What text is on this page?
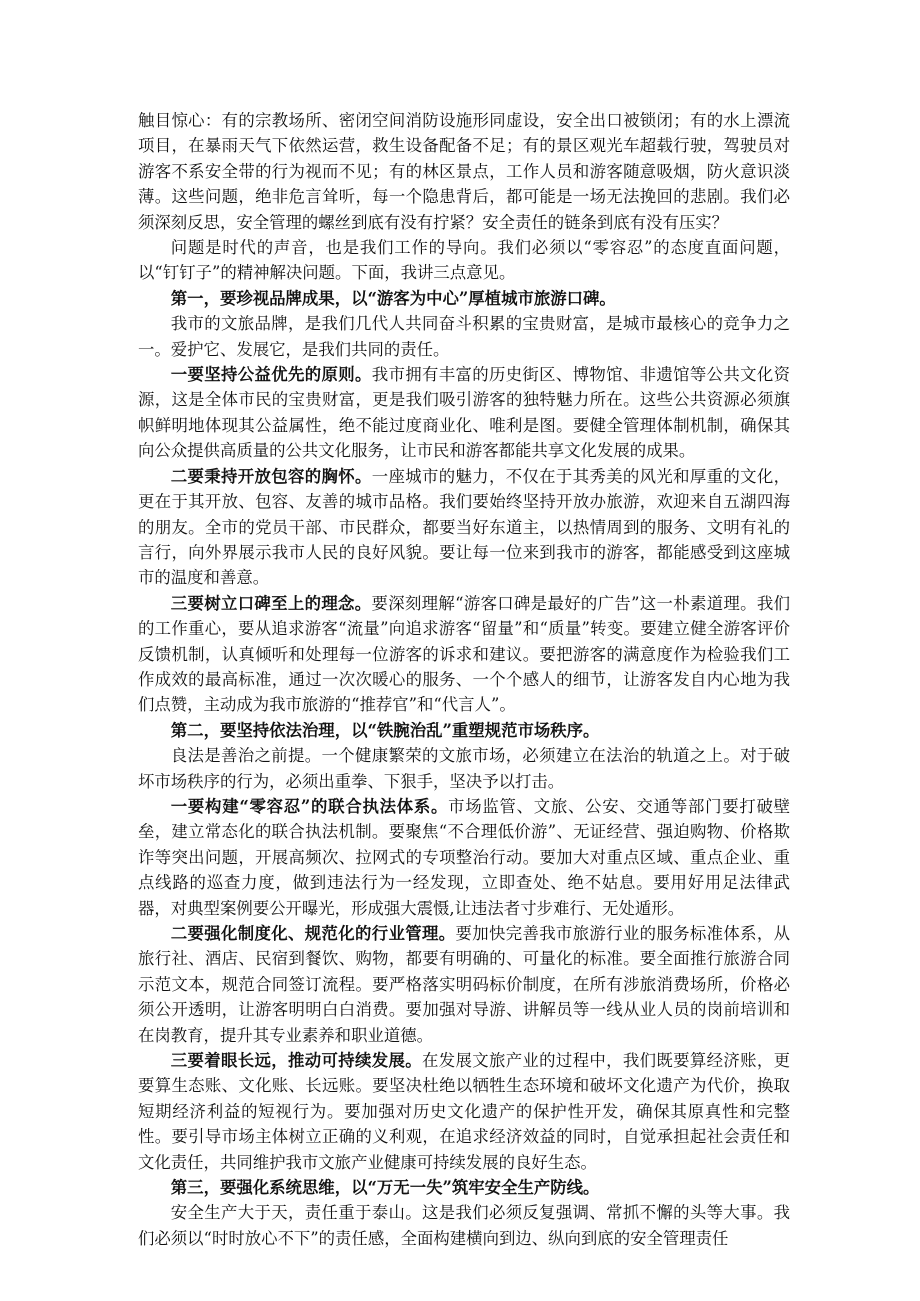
触目惊心：有的宗教场所、密闭空间消防设施形同虚设，安全出口被锁闭；有的水上漂流项目，在暴雨天气下依然运营，救生设备配备不足；有的景区观光车超载行驶，驾驶员对游客不系安全带的行为视而不见；有的林区景点，工作人员和游客随意吸烟，防火意识淡薄。这些问题，绝非危言耸听，每一个隐患背后，都可能是一场无法挽回的悲剧。我们必须深刻反思，安全管理的螺丝到底有没有拧紧？安全责任的链条到底有没有压实？

问题是时代的声音，也是我们工作的导向。我们必须以“零容忍”的态度直面问题，以“钉钉子”的精神解决问题。下面，我讲三点意见。

第一，要珍视品牌成果，以“游客为中心”厚植城市旅游口碑。

我市的文旅品牌，是我们几代人共同奋斗积累的宝贵财富，是城市最核心的竞争力之一。爱护它、发展它，是我们共同的责任。

一要坚持公益优先的原则。我市拥有丰富的历史街区、博物馆、非遗馆等公共文化资源，这是全体市民的宝贵财富，更是我们吸引游客的独特魅力所在。这些公共资源必须旗帜鲜明地体现其公益属性，绝不能过度商业化、唯利是图。要健全管理体制机制，确保其向公众提供高质量的公共文化服务，让市民和游客都能共享文化发展的成果。

二要秉持开放包容的胸怀。一座城市的魅力，不仅在于其秀美的风光和厚重的文化，更在于其开放、包容、友善的城市品格。我们要始终坚持开放办旅游，欢迎来自五湖四海的朋友。全市的党员干部、市民群众，都要当好东道主，以热情周到的服务、文明有礼的言行，向外界展示我市人民的良好风貌。要让每一位来到我市的游客，都能感受到这座城市的温度和善意。

三要树立口碑至上的理念。要深刻理解“游客口碑是最好的广告”这一朴素道理。我们的工作重心，要从追求游客“流量”向追求游客“留量”和“质量”转变。要建立健全游客评价反馈机制，认真倾听和处理每一位游客的诉求和建议。要把游客的满意度作为检验我们工作成效的最高标准，通过一次次暖心的服务、一个个感人的细节，让游客发自内心地为我们点赞，主动成为我市旅游的“推荐官”和“代言人”。

第二，要坚持依法治理，以“铁腕治乱”重塑规范市场秩序。

良法是善治之前提。一个健康繁荣的文旅市场，必须建立在法治的轨道之上。对于破坏市场秩序的行为，必须出重拳、下狠手，坚决予以打击。

一要构建“零容忍”的联合执法体系。市场监管、文旅、公安、交通等部门要打破壁垒，建立常态化的联合执法机制。要聚焦“不合理低价游”、无证经营、强迫购物、价格欺诈等突出问题，开展高频次、拉网式的专项整治行动。要加大对重点区域、重点企业、重点线路的巡查力度，做到违法行为一经发现，立即查处、绝不姑息。要用好用足法律武器，对典型案例要公开曝光，形成强大震慑,让违法者寸步难行、无处遁形。

二要强化制度化、规范化的行业管理。要加快完善我市旅游行业的服务标准体系，从旅行社、酒店、民宿到餐饮、购物，都要有明确的、可量化的标准。要全面推行旅游合同示范文本，规范合同签订流程。要严格落实明码标价制度，在所有涉旅消费场所，价格必须公开透明，让游客明明白白消费。要加强对导游、讲解员等一线从业人员的岗前培训和在岗教育，提升其专业素养和职业道德。

三要着眼长远，推动可持续发展。在发展文旅产业的过程中，我们既要算经济账，更要算生态账、文化账、长远账。要坚决杜绝以牺牲生态环境和破坏文化遗产为代价，换取短期经济利益的短视行为。要加强对历史文化遗产的保护性开发，确保其原真性和完整性。要引导市场主体树立正确的义利观，在追求经济效益的同时，自觉承担起社会责任和文化责任，共同维护我市文旅产业健康可持续发展的良好生态。

第三，要强化系统思维，以“万无一失”筑牢安全生产防线。

安全生产大于天，责任重于泰山。这是我们必须反复强调、常抓不懈的头等大事。我们必须以“时时放心不下”的责任感，全面构建横向到边、纵向到底的安全管理责任
